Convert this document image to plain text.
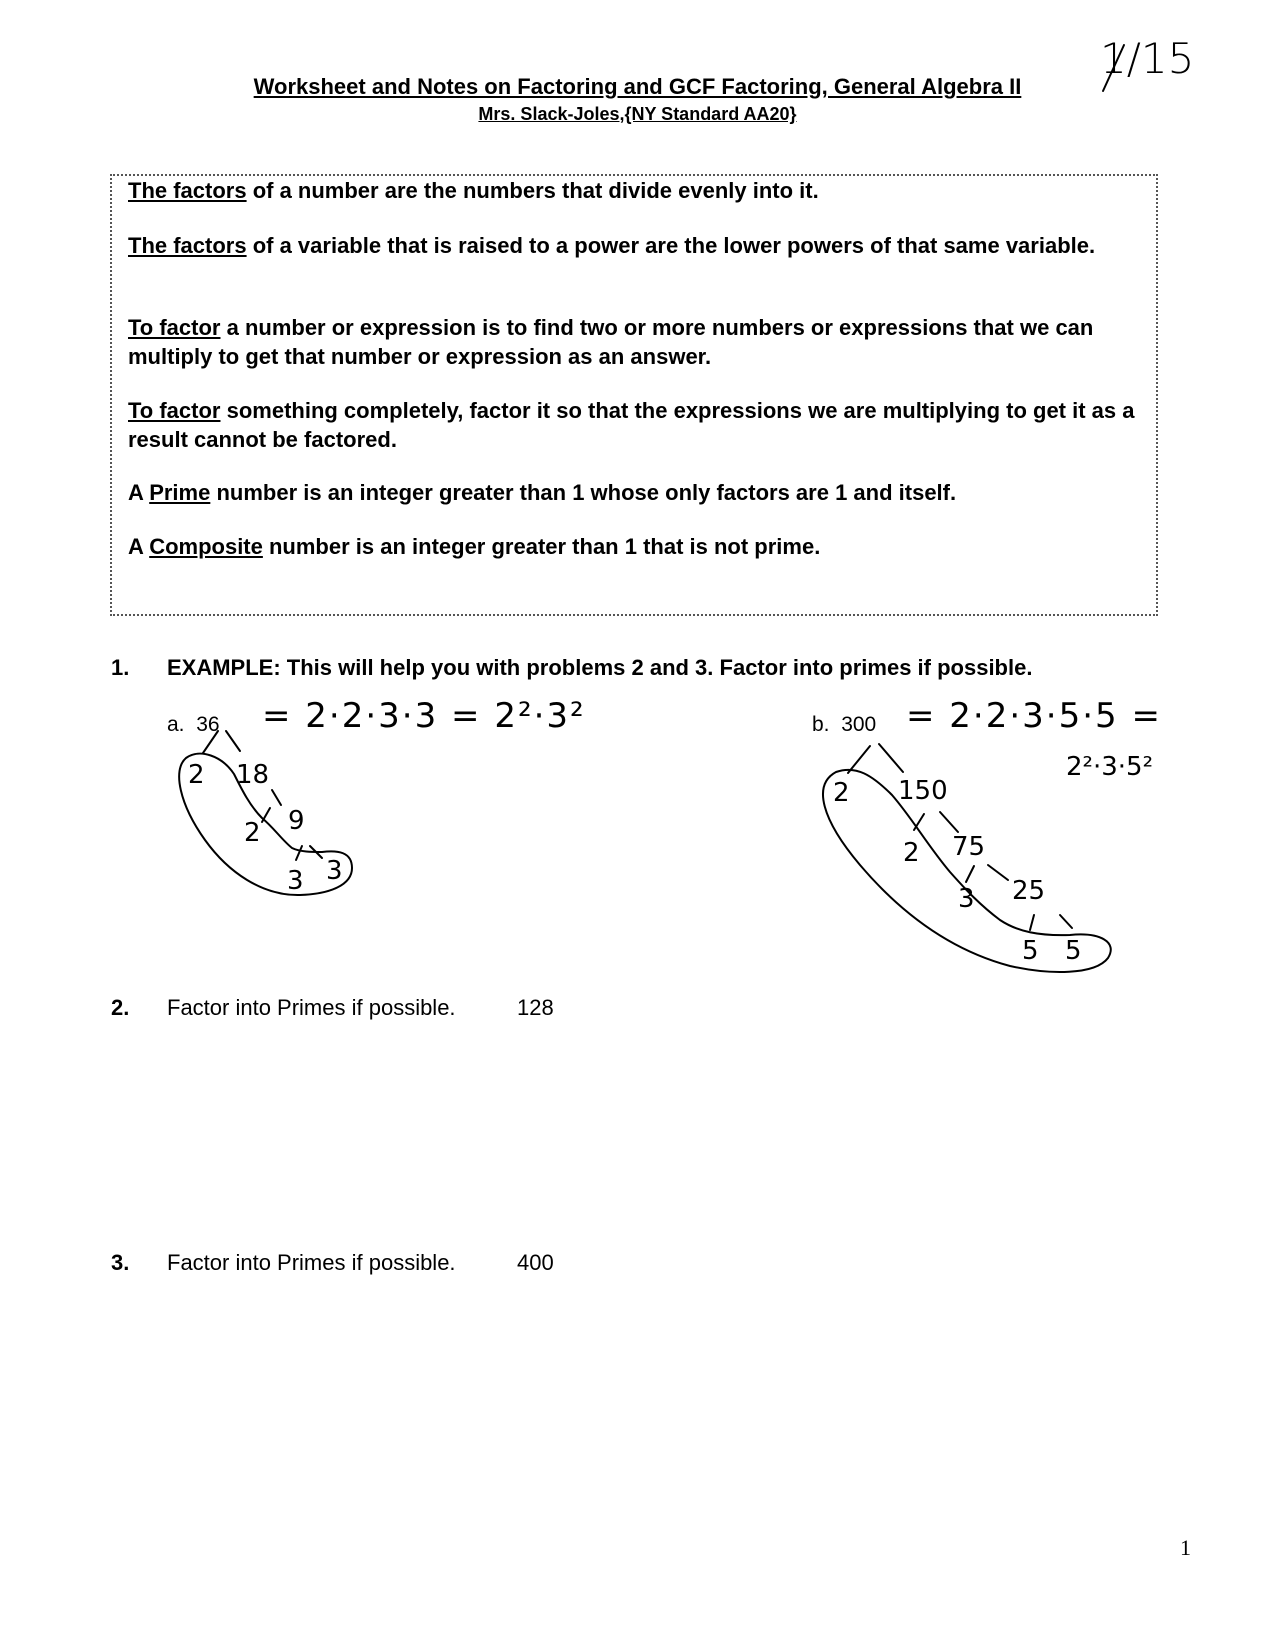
Worksheet and Notes on Factoring and GCF Factoring, General Algebra II
Mrs. Slack-Joles,{NY Standard AA20}
1/15
The factors of a number are the numbers that divide evenly into it.
The factors of a variable that is raised to a power are the lower powers of that same variable.
To factor a number or expression is to find two or more numbers or expressions that we can multiply to get that number or expression as an answer.
To factor something completely, factor it so that the expressions we are multiplying to get it as a result cannot be factored.
A Prime number is an integer greater than 1 whose only factors are 1 and itself.
A Composite number is an integer greater than 1 that is not prime.
1. EXAMPLE: This will help you with problems 2 and 3. Factor into primes if possible.
a. 36 = 2·2·3·3 = 2²·3²	b. 300 = 2·2·3·5·5 =
2²·3·5²
2 18
2 9
3 3
2 150
2 75
3 25
5 5
2. Factor into Primes if possible.	128
3. Factor into Primes if possible.	400
1
